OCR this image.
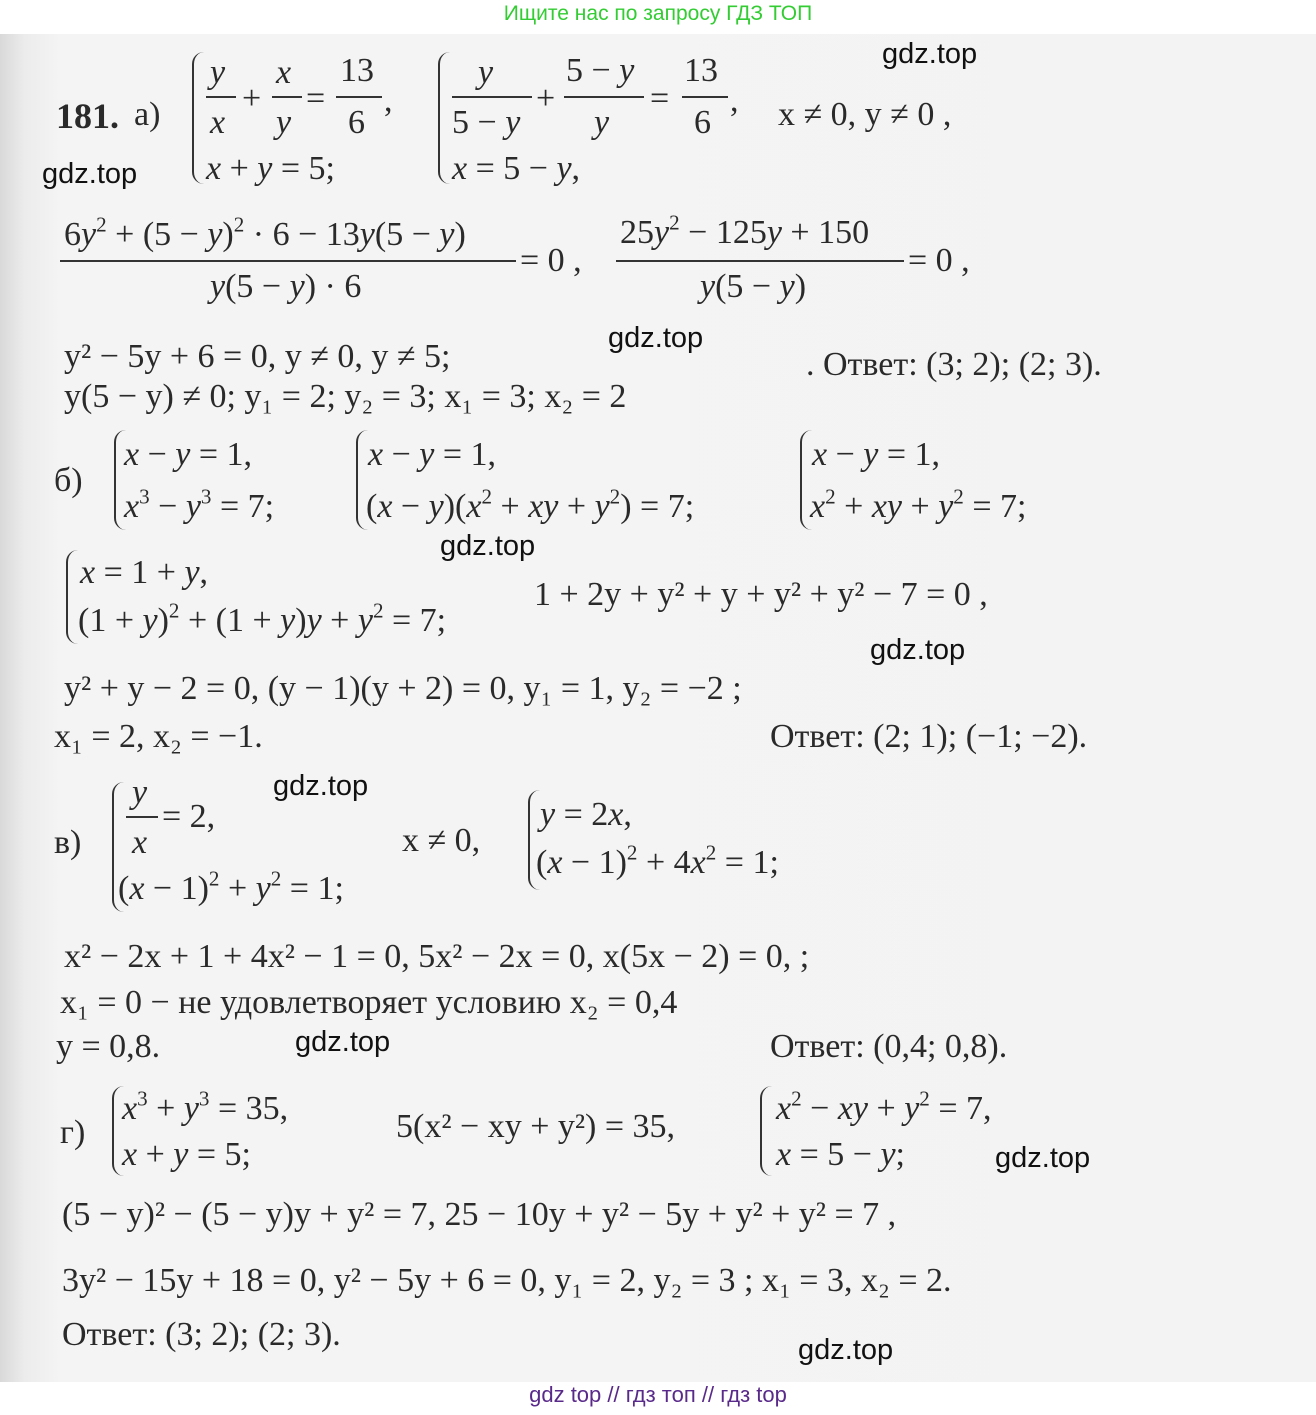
Ищите нас по запросу ГДЗ ТОП
gdz.top
gdz.top
gdz.top
gdz.top
gdz.top
gdz.top
gdz.top
gdz.top
gdz.top
181. а)
y
x
+
x
y
=
13
6
,
x + y = 5;
y
5 − y
+
5 − y
y
=
13
6
,
x = 5 − y,
x ≠ 0, y ≠ 0 ,
$6y^2 + (5 - y)^2 \cdot 6 - 13y(5 - y)$
y(5 − y) · 6
= 0 ,
$25y^2 - 125y + 150$
y(5 − y)
= 0 ,
y² − 5y + 6 = 0, y ≠ 0, y ≠ 5;
y(5 − y) ≠ 0; y₁ = 2; y₂ = 3; x₁ = 3; x₂ = 2
. Ответ: (3; 2); (2; 3).
б)
x − y = 1,
$x^3 - y^3 = 7$;
x − y = 1,
$(x - y)(x^2$ + xy + $y^2) = 7$;
x − y = 1,
$x^2$ + xy + $y^2 = 7$;
x = 1 + y,
$(1 + y)^2 + (1 + y)y + y^2 = 7$;
1 + 2y + y² + y + y² + y² − 7 = 0 ,
y² + y − 2 = 0, (y − 1)(y + 2) = 0, y₁ = 1, y₂ = −2 ;
x₁ = 2, x₂ = −1.	Ответ: (2; 1); (−1; −2).
в)
y
x
= 2,
$(x - 1)^2 + y^2 = 1$;
x ≠ 0,
y = 2x,
$(x - 1)^2 + 4x^2 = 1$;
x² − 2x + 1 + 4x² − 1 = 0, 5x² − 2x = 0, x(5x − 2) = 0, ;
x₁ = 0 − не удовлетворяет условию x₂ = 0,4
y = 0,8.	Ответ: (0,4; 0,8).
г)
$x^3 + y^3 = 35$,
x + y = 5;
5(x² − xy + y²) = 35,	$x^2$ − xy + $y^2 = 7$,
x = 5 − y;
(5 − y)² − (5 − y)y + y² = 7, 25 − 10y + y² − 5y + y² + y² = 7 ,
3y² − 15y + 18 = 0, y² − 5y + 6 = 0, y₁ = 2, y₂ = 3 ; x₁ = 3, x₂ = 2.
Ответ: (3; 2); (2; 3).
gdz top // гдз топ // гдз top
